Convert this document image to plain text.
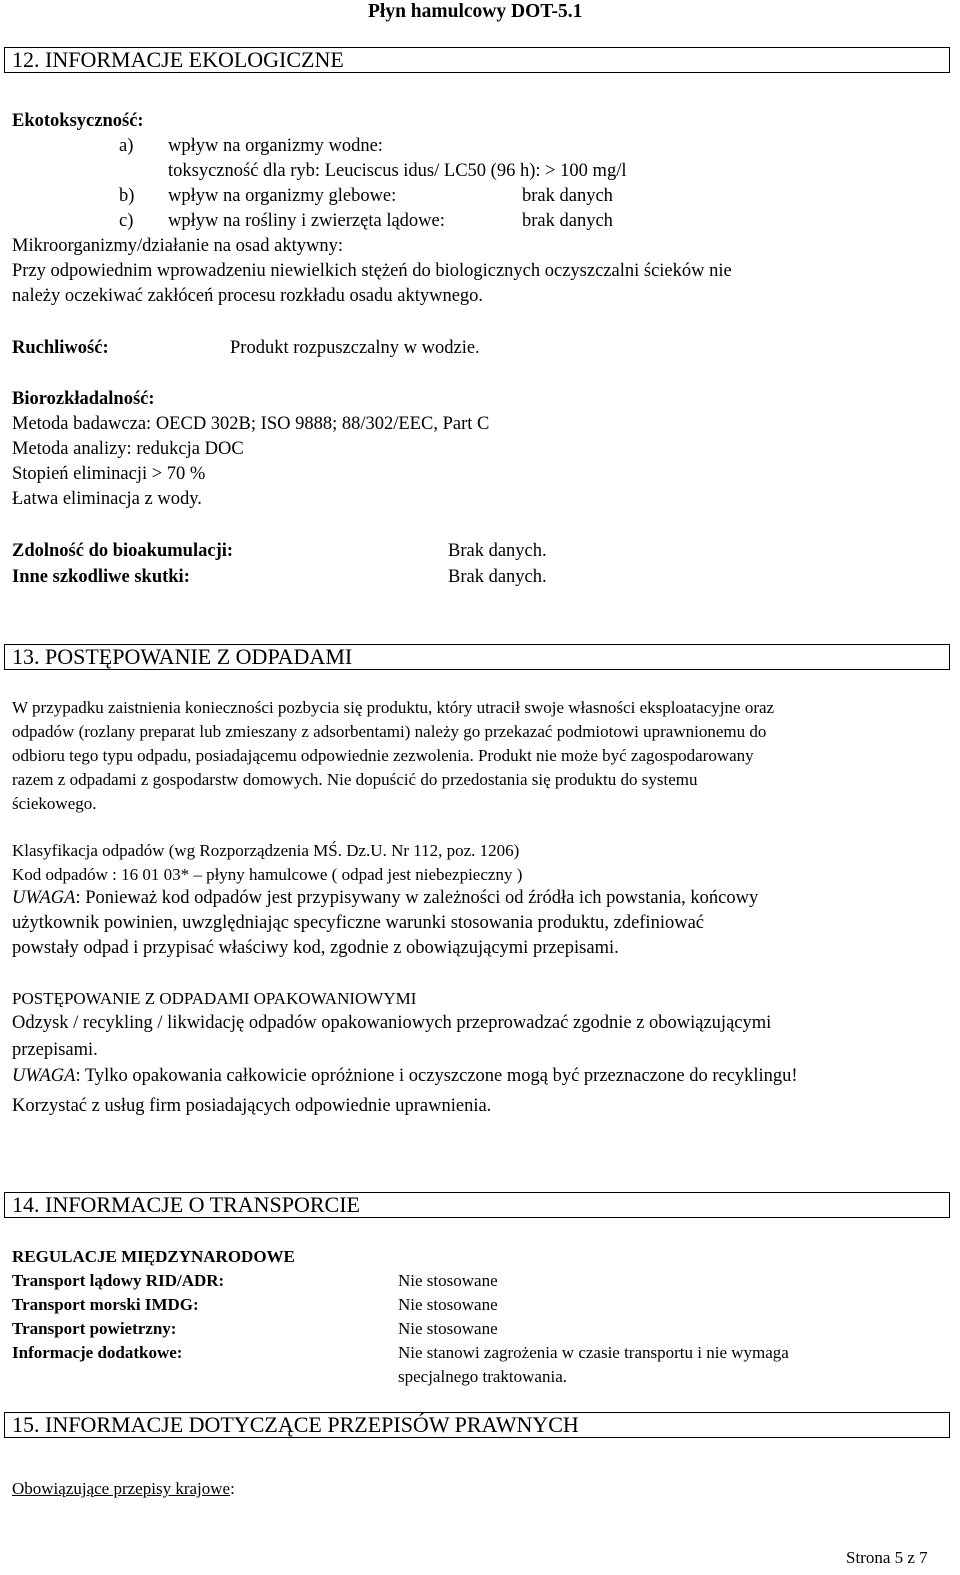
Płyn hamulcowy DOT-5.1
12. INFORMACJE EKOLOGICZNE
Ekotoksyczność:
a) wpływ na organizmy wodne:
toksyczność dla ryb: Leuciscus idus/ LC50 (96 h): > 100 mg/l
b) wpływ na organizmy glebowe:	brak danych
c) wpływ na rośliny i zwierzęta lądowe:	brak danych
Mikroorganizmy/działanie na osad aktywny:
Przy odpowiednim wprowadzeniu niewielkich stężeń do biologicznych oczyszczalni ścieków nie
należy oczekiwać zakłóceń procesu rozkładu osadu aktywnego.
Ruchliwość:	Produkt rozpuszczalny w wodzie.
Biorozkładalność:
Metoda badawcza: OECD 302B; ISO 9888; 88/302/EEC, Part C
Metoda analizy: redukcja DOC
Stopień eliminacji > 70 %
Łatwa eliminacja z wody.
Zdolność do bioakumulacji:	Brak danych.
Inne szkodliwe skutki:	Brak danych.
13. POSTĘPOWANIE Z ODPADAMI
W przypadku zaistnienia konieczności pozbycia się produktu, który utracił swoje własności eksploatacyjne oraz
odpadów (rozlany preparat lub zmieszany z adsorbentami) należy go przekazać podmiotowi uprawnionemu do
odbioru tego typu odpadu, posiadającemu odpowiednie zezwolenia. Produkt nie może być zagospodarowany
razem z odpadami z gospodarstw domowych. Nie dopuścić do przedostania się produktu do systemu
ściekowego.
Klasyfikacja odpadów (wg Rozporządzenia MŚ. Dz.U. Nr 112, poz. 1206)
Kod odpadów : 16 01 03* – płyny hamulcowe ( odpad jest niebezpieczny )
UWAGA: Ponieważ kod odpadów jest przypisywany w zależności od źródła ich powstania, końcowy
użytkownik powinien, uwzględniając specyficzne warunki stosowania produktu, zdefiniować
powstały odpad i przypisać właściwy kod, zgodnie z obowiązującymi przepisami.
POSTĘPOWANIE Z ODPADAMI OPAKOWANIOWYMI
Odzysk / recykling / likwidację odpadów opakowaniowych przeprowadzać zgodnie z obowiązującymi
przepisami.
UWAGA: Tylko opakowania całkowicie opróżnione i oczyszczone mogą być przeznaczone do recyklingu!
Korzystać z usług firm posiadających odpowiednie uprawnienia.
14. INFORMACJE O TRANSPORCIE
REGULACJE MIĘDZYNARODOWE
Transport lądowy RID/ADR:	Nie stosowane
Transport morski IMDG:	Nie stosowane
Transport powietrzny:	Nie stosowane
Informacje dodatkowe:	Nie stanowi zagrożenia w czasie transportu i nie wymaga
specjalnego traktowania.
15. INFORMACJE DOTYCZĄCE PRZEPISÓW PRAWNYCH
Obowiązujące przepisy krajowe:
Strona 5 z 7
